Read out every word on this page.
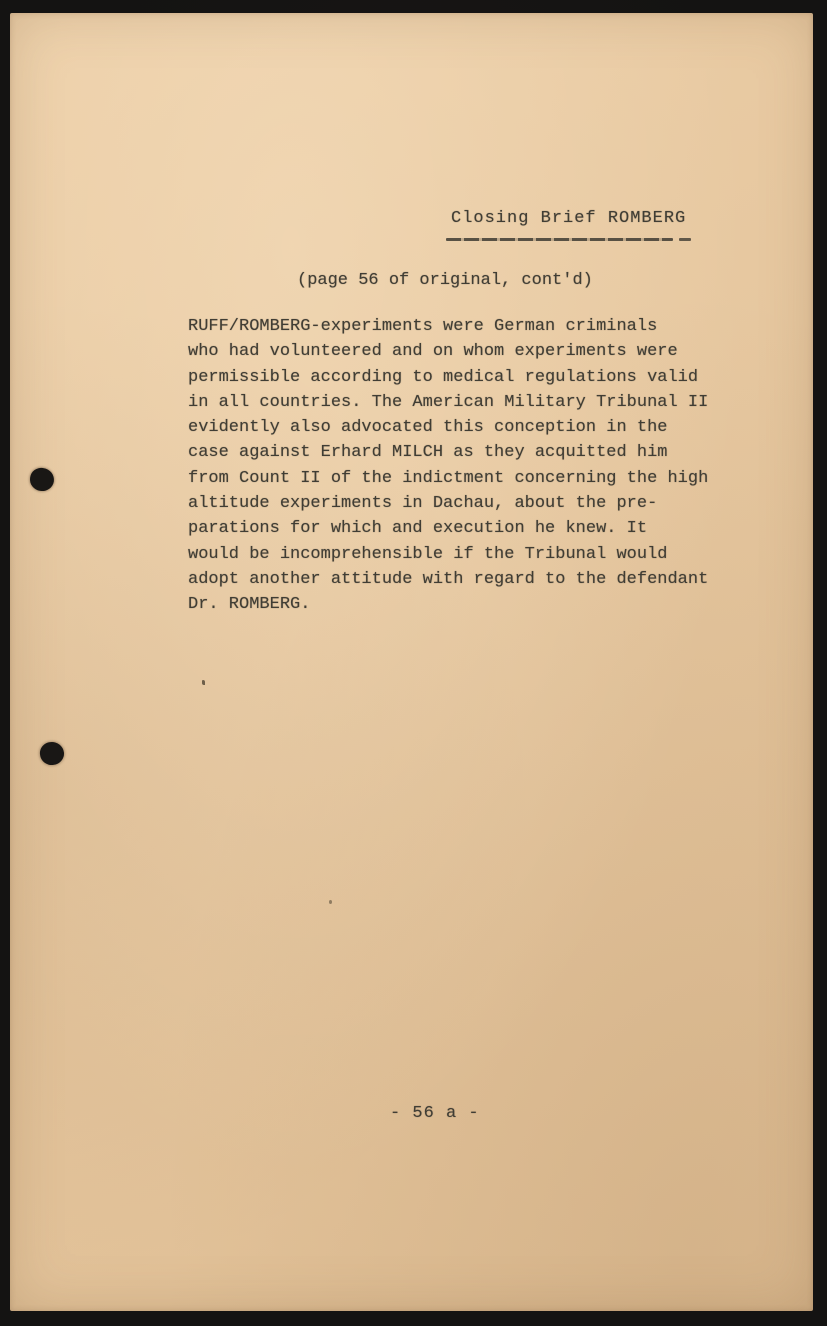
Closing Brief ROMBERG
(page 56 of original, cont'd)
RUFF/ROMBERG-experiments were German criminals
who had volunteered and on whom experiments were
permissible according to medical regulations valid
in all countries. The American Military Tribunal II
evidently also advocated this conception in the
case against Erhard MILCH as they acquitted him
from Count II of the indictment concerning the high
altitude experiments in Dachau, about the pre-
parations for which and execution he knew. It
would be incomprehensible if the Tribunal would
adopt another attitude with regard to the defendant
Dr. ROMBERG.
- 56 a -
